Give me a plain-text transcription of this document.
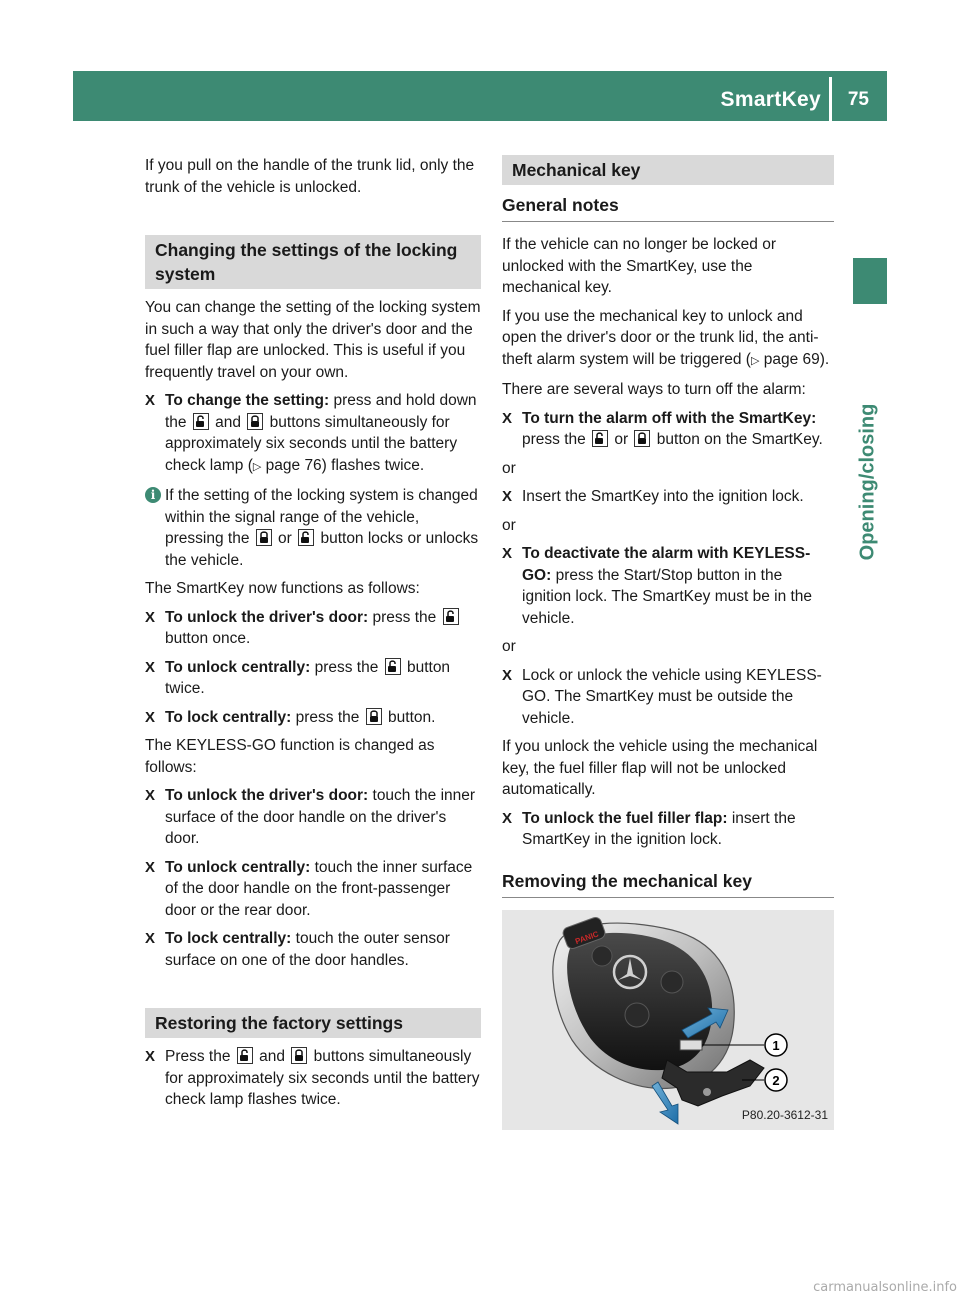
SmartKey 75
Opening/closing

If you pull on the handle of the trunk lid, only the trunk of the vehicle is unlocked.

Changing the settings of the locking system

You can change the setting of the locking system in such a way that only the driver's door and the fuel filler flap are unlocked. This is useful if you frequently travel on your own.

X To change the setting: press and hold down the  and  buttons simultaneously for approximately six seconds until the battery check lamp (▷ page 76) flashes twice.
i If the setting of the locking system is changed within the signal range of the vehicle, pressing the  or  button locks or unlocks the vehicle.

The SmartKey now functions as follows:

X To unlock the driver's door: press the  button once.
X To unlock centrally: press the  button twice.
X To lock centrally: press the  button.

The KEYLESS-GO function is changed as follows:

X To unlock the driver's door: touch the inner surface of the door handle on the driver's door.
X To unlock centrally: touch the inner surface of the door handle on the front-passenger door or the rear door.
X To lock centrally: touch the outer sensor surface on one of the door handles.
Restoring the factory settings
X Press the  and  buttons simultaneously for approximately six seconds until the battery check lamp flashes twice.
Mechanical key
General notes

If the vehicle can no longer be locked or unlocked with the SmartKey, use the mechanical key.

If you use the mechanical key to unlock and open the driver's door or the trunk lid, the anti-theft alarm system will be triggered (▷ page 69).

There are several ways to turn off the alarm:

X To turn the alarm off with the SmartKey: press the  or  button on the SmartKey.

or

X Insert the SmartKey into the ignition lock.

or

X To deactivate the alarm with KEYLESS-GO: press the Start/Stop button in the ignition lock. The SmartKey must be in the vehicle.

or

X Lock or unlock the vehicle using KEYLESS-GO. The SmartKey must be outside the vehicle.

If you unlock the vehicle using the mechanical key, the fuel filler flap will not be unlocked automatically.

X To unlock the fuel filler flap: insert the SmartKey in the ignition lock.
Removing the mechanical key
PANIC
1
2
P80.20-3612-31
carmanualsonline.info
